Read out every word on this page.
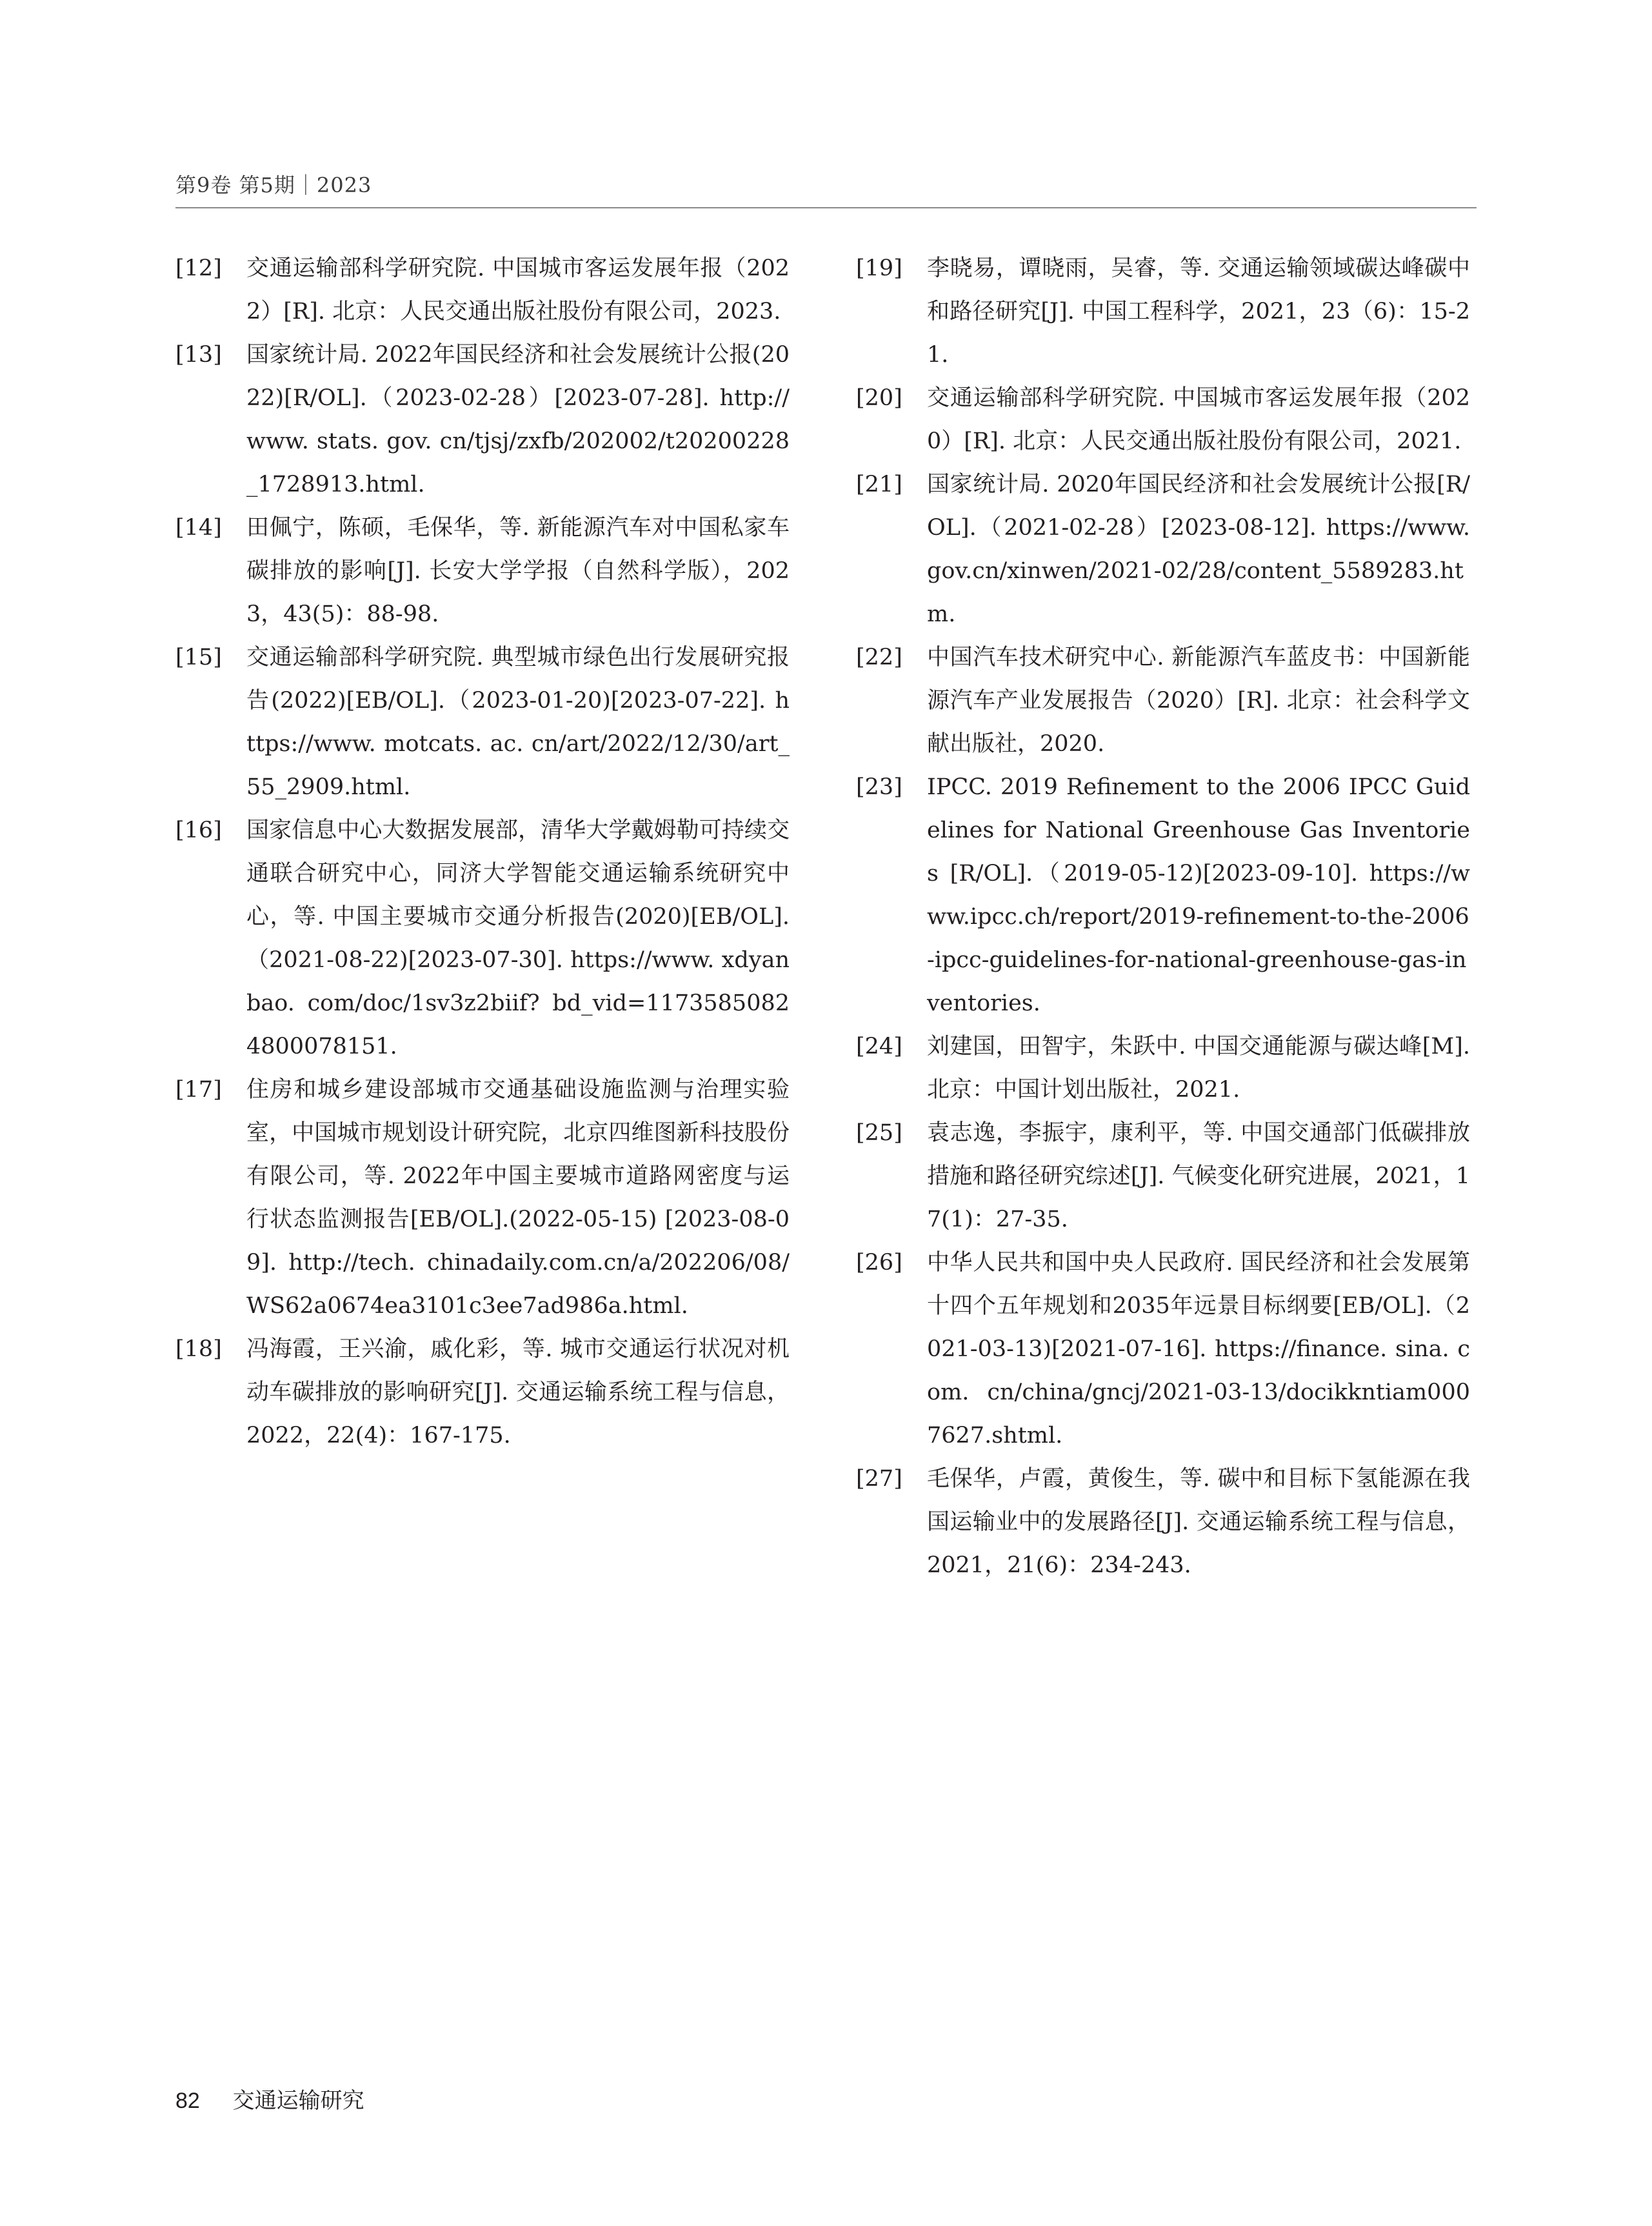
第9卷 第5期｜2023
[12]	交通运输部科学研究院. 中国城市客运发展年报（2022）[R]. 北京：人民交通出版社股份有限公司，2023.
[13]	国家统计局. 2022年国民经济和社会发展统计公报(2022)[R/OL].（2023-02-28）[2023-07-28]. http://www. stats. gov. cn/tjsj/zxfb/202002/t20200228_1728913.html.
[14]	田佩宁，陈硕，毛保华，等. 新能源汽车对中国私家车碳排放的影响[J]. 长安大学学报（自然科学版），2023，43(5)：88-98.
[15]	交通运输部科学研究院. 典型城市绿色出行发展研究报告(2022)[EB/OL].（2023-01-20)[2023-07-22]. https://www. motcats. ac. cn/art/2022/12/30/art_55_2909.html.
[16]	国家信息中心大数据发展部，清华大学戴姆勒可持续交通联合研究中心，同济大学智能交通运输系统研究中心，等. 中国主要城市交通分析报告(2020)[EB/OL].（2021-08-22)[2023-07-30]. https://www. xdyanbao. com/doc/1sv3z2biif? bd_vid=11735850824800078151.
[17]	住房和城乡建设部城市交通基础设施监测与治理实验室，中国城市规划设计研究院，北京四维图新科技股份有限公司，等. 2022年中国主要城市道路网密度与运行状态监测报告[EB/OL].(2022-05-15) [2023-08-09]. http://tech. chinadaily.com.cn/a/202206/08/WS62a0674ea3101c3ee7ad986a.html.
[18]	冯海霞，王兴渝，戚化彩，等. 城市交通运行状况对机动车碳排放的影响研究[J]. 交通运输系统工程与信息，2022，22(4)：167-175.
[19]	李晓易，谭晓雨，吴睿，等. 交通运输领域碳达峰碳中和路径研究[J]. 中国工程科学，2021，23（6)：15-21.
[20]	交通运输部科学研究院. 中国城市客运发展年报（2020）[R]. 北京：人民交通出版社股份有限公司，2021.
[21]	国家统计局. 2020年国民经济和社会发展统计公报[R/OL].（2021-02-28）[2023-08-12]. https://www.gov.cn/xinwen/2021-02/28/content_5589283.htm.
[22]	中国汽车技术研究中心. 新能源汽车蓝皮书：中国新能源汽车产业发展报告（2020）[R]. 北京：社会科学文献出版社，2020.
[23]	IPCC. 2019 Refinement to the 2006 IPCC Guidelines for National Greenhouse Gas Inventories [R/OL].（2019-05-12)[2023-09-10]. https://www.ipcc.ch/report/2019-refinement-to-the-2006-ipcc-guidelines-for-national-greenhouse-gas-inventories.
[24]	刘建国，田智宇，朱跃中. 中国交通能源与碳达峰[M]. 北京：中国计划出版社，2021.
[25]	袁志逸，李振宇，康利平，等. 中国交通部门低碳排放措施和路径研究综述[J]. 气候变化研究进展，2021，17(1)：27-35.
[26]	中华人民共和国中央人民政府. 国民经济和社会发展第十四个五年规划和2035年远景目标纲要[EB/OL].（2021-03-13)[2021-07-16]. https://finance. sina. com. cn/china/gncj/2021-03-13/docikkntiam0007627.shtml.
[27]	毛保华，卢霞，黄俊生，等. 碳中和目标下氢能源在我国运输业中的发展路径[J]. 交通运输系统工程与信息，2021，21(6)：234-243.
82 交通运输研究
